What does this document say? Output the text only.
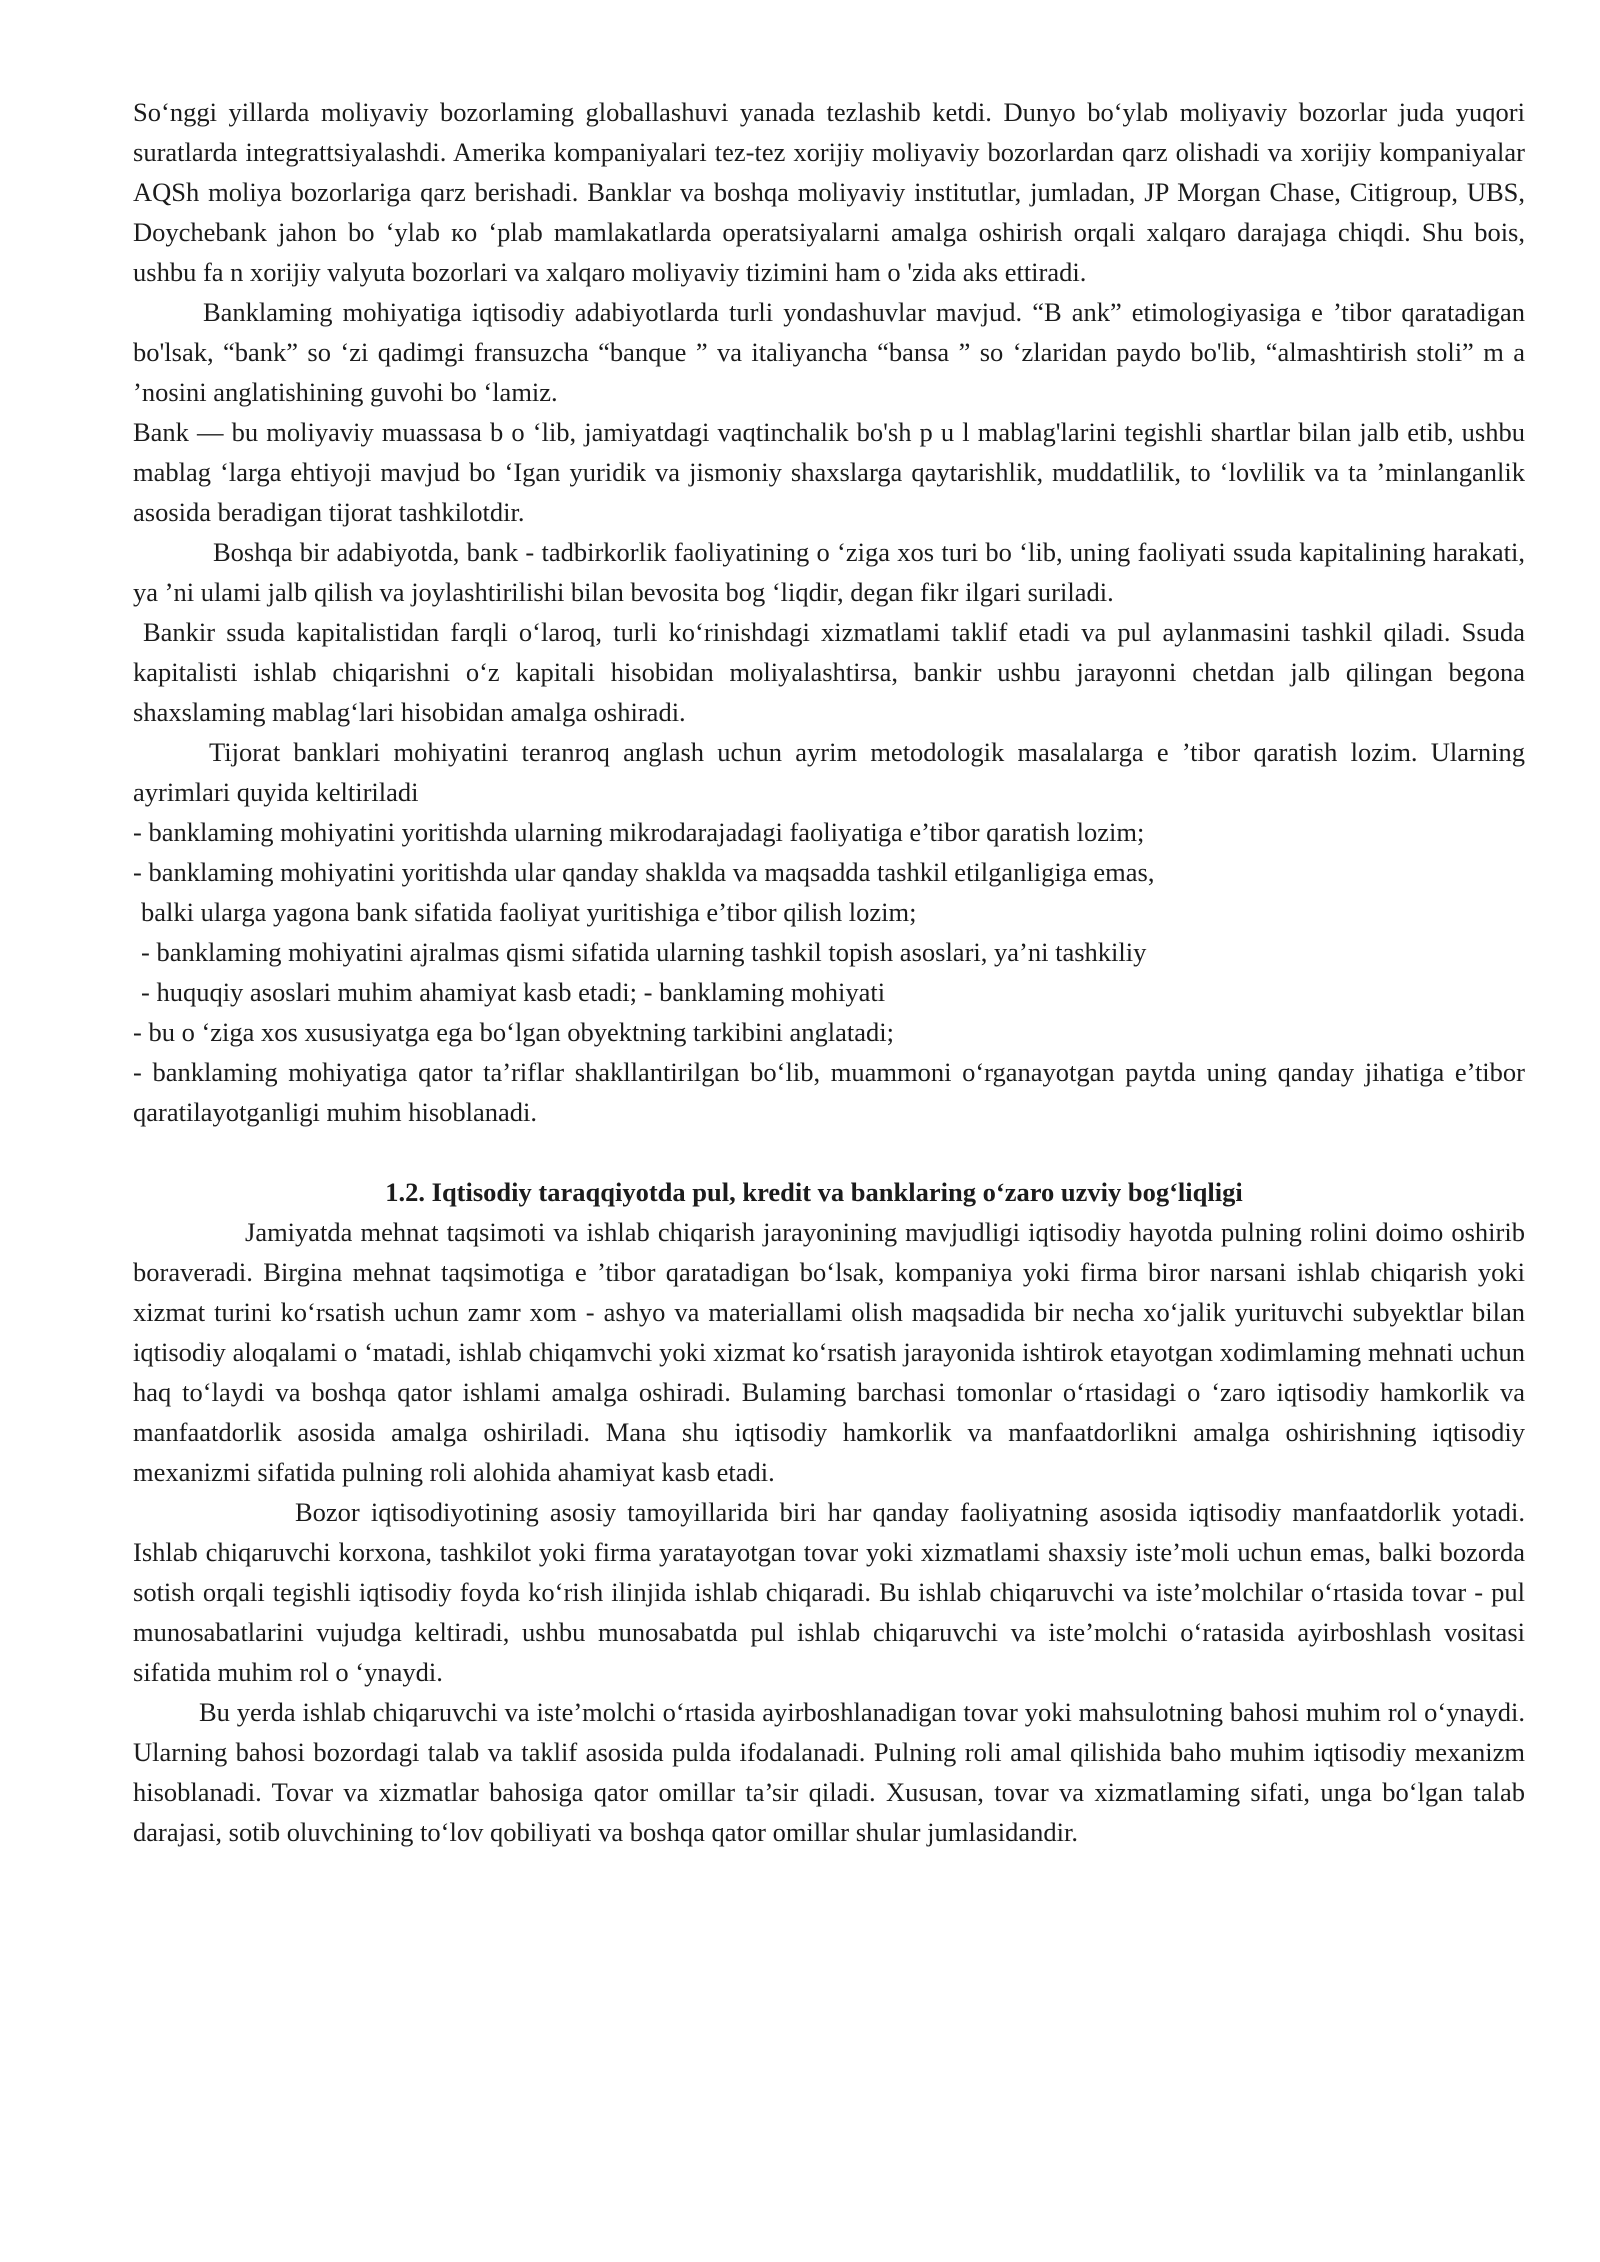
So‘nggi yillarda moliyaviy bozorlaming globallashuvi yanada tezlashib ketdi. Dunyo bo‘ylab moliyaviy bozorlar juda yuqori suratlarda integrattsiyalashdi. Amerika kompaniyalari tez-tez xorijiy moliyaviy bozorlardan qarz olishadi va xorijiy kompaniyalar AQSh moliya bozorlariga qarz berishadi. Banklar va boshqa moliyaviy institutlar, jumladan, JP Morgan Chase, Citigroup, UBS, Doychebank jahon bo ‘ylab кo ‘plab mamlakatlarda operatsiyalarni amalga oshirish orqali xalqaro darajaga chiqdi. Shu bois, ushbu fa n xorijiy valyuta bozorlari va xalqaro moliyaviy tizimini ham o 'zida aks ettiradi.

Banklaming mohiyatiga iqtisodiy adabiyotlarda turli yondashuvlar mavjud. “B ank” etimologiyasiga e ’tibor qaratadigan bo'lsak, “bank” so ‘zi qadimgi fransuzcha “banque ” va italiyancha “bansa ” so ‘zlaridan paydo bo'lib, “almashtirish stoli” m a ’nosini anglatishining guvohi bo ‘lamiz.

Bank — bu moliyaviy muassasa b o ‘lib, jamiyatdagi vaqtinchalik bo'sh p u l mablag'larini tegishli shartlar bilan jalb etib, ushbu mablag ‘larga ehtiyoji mavjud bo ‘Igan yuridik va jismoniy shaxslarga qaytarishlik, muddatlilik, to ‘lovlilik va ta ’minlanganlik asosida beradigan tijorat tashkilotdir.

Boshqa bir adabiyotda, bank - tadbirkorlik faoliyatining o ‘ziga xos turi bo ‘lib, uning faoliyati ssuda kapitalining harakati, ya ’ni ulami jalb qilish va joylashtirilishi bilan bevosita bog ‘liqdir, degan fikr ilgari suriladi.

Bankir ssuda kapitalistidan farqli o‘laroq, turli ko‘rinishdagi xizmatlami taklif etadi va pul aylanmasini tashkil qiladi. Ssuda kapitalisti ishlab chiqarishni o‘z kapitali hisobidan moliyalashtirsa, bankir ushbu jarayonni chetdan jalb qilingan begona shaxslaming mablag‘lari hisobidan amalga oshiradi.

Tijorat banklari mohiyatini teranroq anglash uchun ayrim metodologik masalalarga e ’tibor qaratish lozim. Ularning ayrimlari quyida keltiriladi

- banklaming mohiyatini yoritishda ularning mikrodarajadagi faoliyatiga e’tibor qaratish lozim;

- banklaming mohiyatini yoritishda ular qanday shaklda va maqsadda tashkil etilganligiga emas,

balki ularga yagona bank sifatida faoliyat yuritishiga e’tibor qilish lozim;

- banklaming mohiyatini ajralmas qismi sifatida ularning tashkil topish asoslari, ya’ni tashkiliy

- huquqiy asoslari muhim ahamiyat kasb etadi; - banklaming mohiyati

- bu o ‘ziga xos xususiyatga ega bo‘lgan obyektning tarkibini anglatadi;

- banklaming mohiyatiga qator ta’riflar shakllantirilgan bo‘lib, muammoni o‘rganayotgan paytda uning qanday jihatiga e’tibor qaratilayotganligi muhim hisoblanadi.

1.2. Iqtisodiy taraqqiyotda pul, kredit va banklaring o‘zaro uzviy bog‘liqligi

Jamiyatda mehnat taqsimoti va ishlab chiqarish jarayonining mavjudligi iqtisodiy hayotda pulning rolini doimo oshirib boraveradi. Birgina mehnat taqsimotiga e ’tibor qaratadigan bo‘lsak, kompaniya yoki firma biror narsani ishlab chiqarish yoki xizmat turini ko‘rsatish uchun zamr xom - ashyo va materiallami olish maqsadida bir necha xo‘jalik yurituvchi subyektlar bilan iqtisodiy aloqalami o ‘matadi, ishlab chiqamvchi yoki xizmat ko‘rsatish jarayonida ishtirok etayotgan xodimlaming mehnati uchun haq to‘laydi va boshqa qator ishlami amalga oshiradi. Bulaming barchasi tomonlar o‘rtasidagi o ‘zaro iqtisodiy hamkorlik va manfaatdorlik asosida amalga oshiriladi. Mana shu iqtisodiy hamkorlik va manfaatdorlikni amalga oshirishning iqtisodiy mexanizmi sifatida pulning roli alohida ahamiyat kasb etadi.

Bozor iqtisodiyotining asosiy tamoyillarida biri har qanday faoliyatning asosida iqtisodiy manfaatdorlik yotadi. Ishlab chiqaruvchi korxona, tashkilot yoki firma yaratayotgan tovar yoki xizmatlami shaxsiy iste’moli uchun emas, balki bozorda sotish orqali tegishli iqtisodiy foyda ko‘rish ilinjida ishlab chiqaradi. Bu ishlab chiqaruvchi va iste’molchilar o‘rtasida tovar - pul munosabatlarini vujudga keltiradi, ushbu munosabatda pul ishlab chiqaruvchi va iste’molchi o‘ratasida ayirboshlash vositasi sifatida muhim rol o ‘ynaydi.

Bu yerda ishlab chiqaruvchi va iste’molchi o‘rtasida ayirboshlanadigan tovar yoki mahsulotning bahosi muhim rol o‘ynaydi. Ularning bahosi bozordagi talab va taklif asosida pulda ifodalanadi. Pulning roli amal qilishida baho muhim iqtisodiy mexanizm hisoblanadi. Tovar va xizmatlar bahosiga qator omillar ta’sir qiladi. Xususan, tovar va xizmatlaming sifati, unga bo‘lgan talab darajasi, sotib oluvchining to‘lov qobiliyati va boshqa qator omillar shular jumlasidandir.
